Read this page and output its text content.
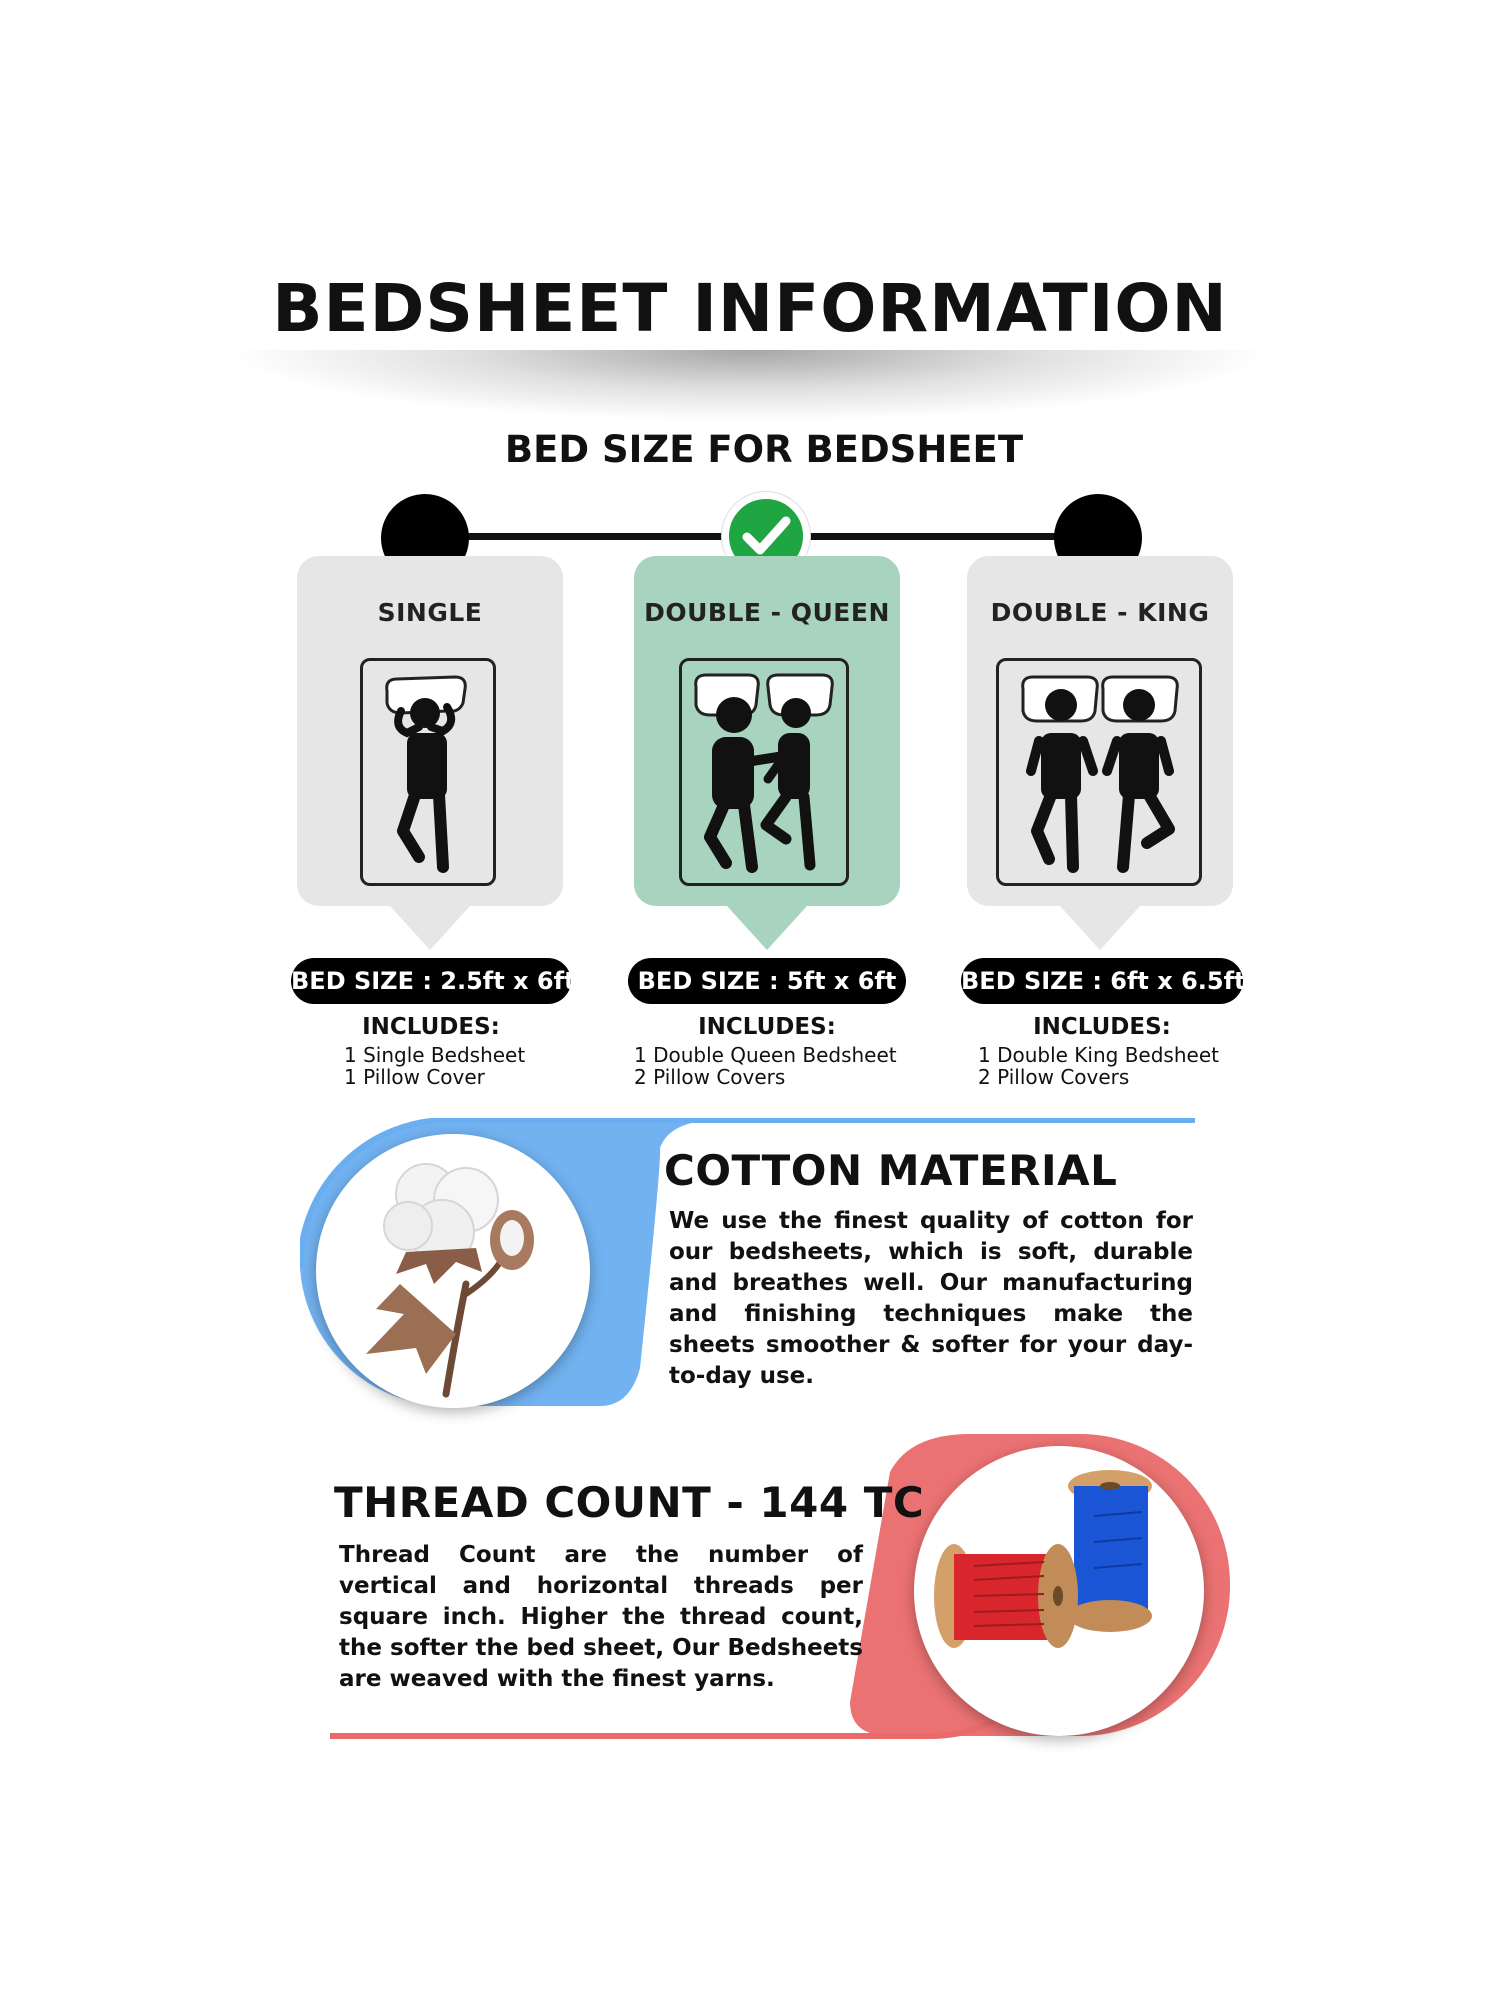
BEDSHEET INFORMATION
BED SIZE FOR BEDSHEET
SINGLE	DOUBLE - QUEEN	DOUBLE - KING
BED SIZE : 2.5ft x 6ft	BED SIZE : 5ft x 6ft	BED SIZE : 6ft x 6.5ft
INCLUDES:
1 Single Bedsheet
1 Pillow Cover
INCLUDES:
1 Double Queen Bedsheet
2 Pillow Covers
INCLUDES:
1 Double King Bedsheet
2 Pillow Covers
COTTON MATERIAL
We use the finest quality of cotton for our bedsheets, which is soft, durable and breathes well. Our manufacturing and finishing techniques make the sheets smoother & softer for your day-to-day use.
THREAD COUNT - 144 TC
Thread Count are the number of vertical and horizontal threads per square inch. Higher the thread count, the softer the bed sheet, Our Bedsheets are weaved with the finest yarns.
